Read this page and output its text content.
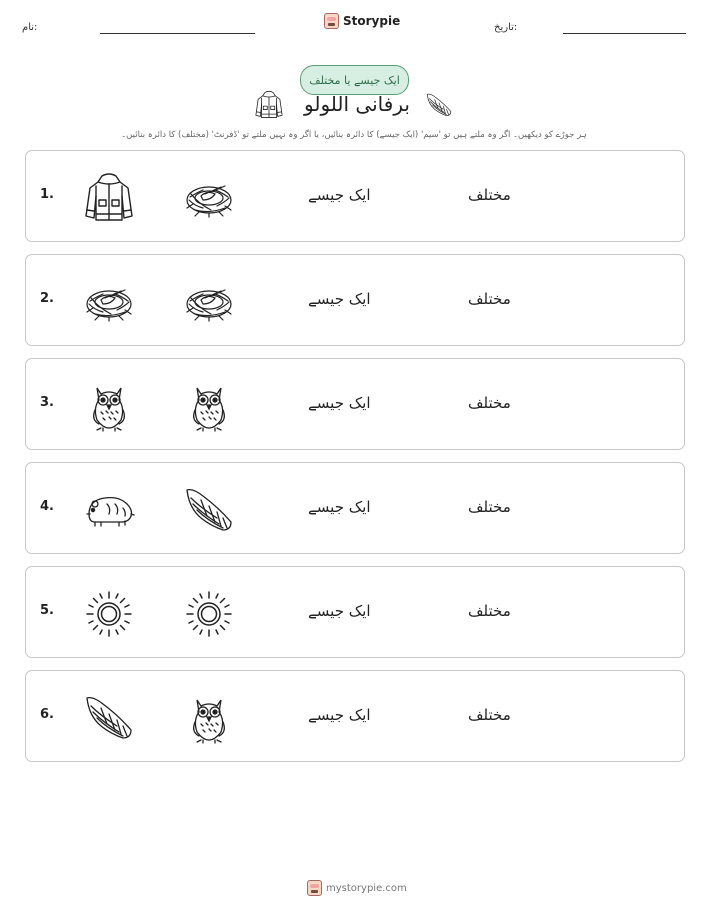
نام:	Storypie	تاریخ:
ایک جیسے یا مختلف
برفانی اللولو
ہر جوڑے کو دیکھیں۔ اگر وہ ملتے ہیں تو 'سیم' (ایک جیسے) کا دائرہ بنائیں، یا اگر وہ نہیں ملتے تو 'ڈفرنٹ' (مختلف) کا دائرہ بنائیں۔
1.	ایک جیسے	مختلف
2.	ایک جیسے	مختلف
3.	ایک جیسے	مختلف
4.	ایک جیسے	مختلف
5.	ایک جیسے	مختلف
6.	ایک جیسے	مختلف
mystorypie.com
